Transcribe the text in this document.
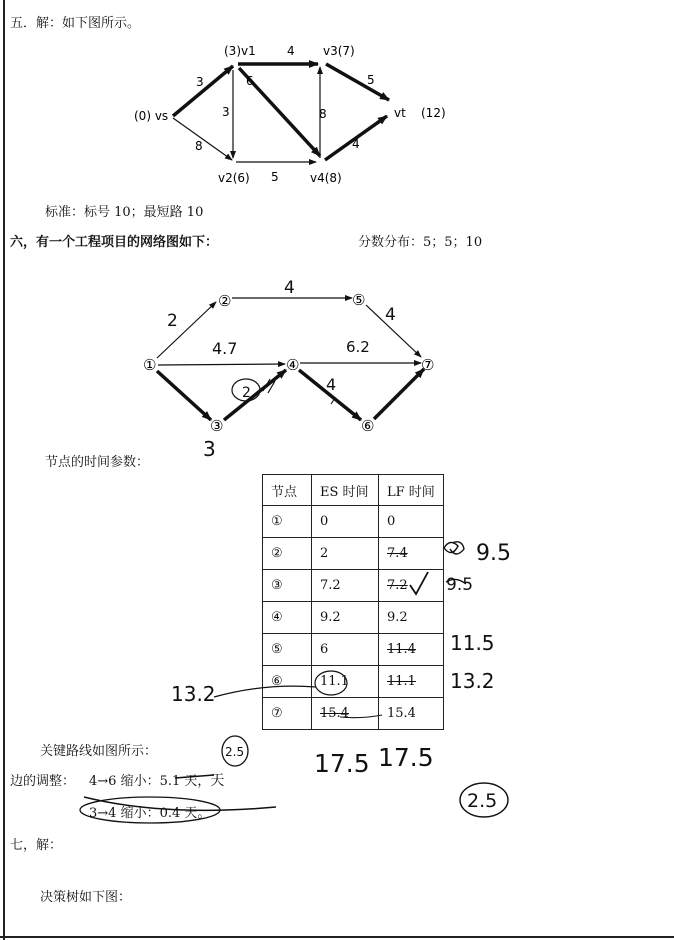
五．解：如下图所示。
(0) vs
(3)v1	v3(7)
vt (12)
v2(6)	v4(8)
3
8
4
6
3
5
8
4
5
标准：标号 10；最短路 10
六，有一个工程项目的网络图如下：	分数分布：5；5；10
①
②
③
④
⑤
⑥
⑦
2
4
4.7	6.2
4
2	4
3
节点的时间参数：
节点	ES 时间	LF 时间
①	0	0
②	2	7.4
③	7.2	7.2
④	9.2	9.2
⑤	6	11.4
⑥	11.1	11.1
⑦	15.4	15.4
9.5
9.5
11.5
13.2
13.2
17.5 17.5
2.5
2.5
关键路线如图所示：
边的调整： 4→6 缩小：5.1 天，天
3→4 缩小：0.4 天。
七，解：
决策树如下图：
